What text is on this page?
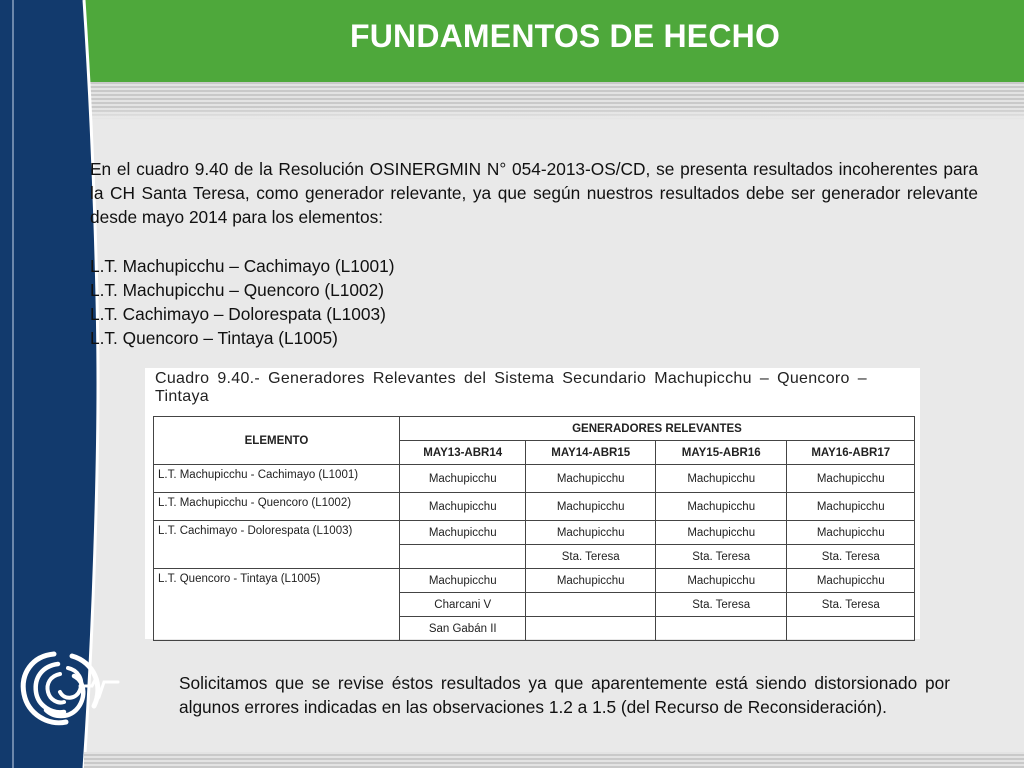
FUNDAMENTOS DE HECHO
En el cuadro 9.40 de la Resolución OSINERGMIN N° 054-2013-OS/CD, se presenta resultados incoherentes para la CH Santa Teresa, como generador relevante, ya que según nuestros resultados debe ser generador relevante desde mayo 2014 para los elementos:
L.T. Machupicchu – Cachimayo (L1001)
L.T. Machupicchu – Quencoro (L1002)
L.T. Cachimayo – Dolorespata (L1003)
L.T. Quencoro – Tintaya (L1005)
Cuadro 9.40.- Generadores Relevantes del Sistema Secundario Machupicchu – Quencoro – Tintaya
ELEMENTO	GENERADORES RELEVANTES			
	MAY13-ABR14	MAY14-ABR15	MAY15-ABR16	MAY16-ABR17
L.T. Machupicchu - Cachimayo (L1001)	Machupicchu	Machupicchu	Machupicchu	Machupicchu
L.T. Machupicchu - Quencoro (L1002)	Machupicchu	Machupicchu	Machupicchu	Machupicchu
L.T. Cachimayo - Dolorespata (L1003)	Machupicchu	Machupicchu	Machupicchu	Machupicchu
		Sta. Teresa	Sta. Teresa	Sta. Teresa
L.T. Quencoro - Tintaya (L1005)	Machupicchu	Machupicchu	Machupicchu	Machupicchu
	Charcani V		Sta. Teresa	Sta. Teresa
	San Gabán II			
Solicitamos que se revise éstos resultados ya que aparentemente está siendo distorsionado por algunos errores indicadas en las observaciones 1.2 a 1.5 (del Recurso de Reconsideración).
